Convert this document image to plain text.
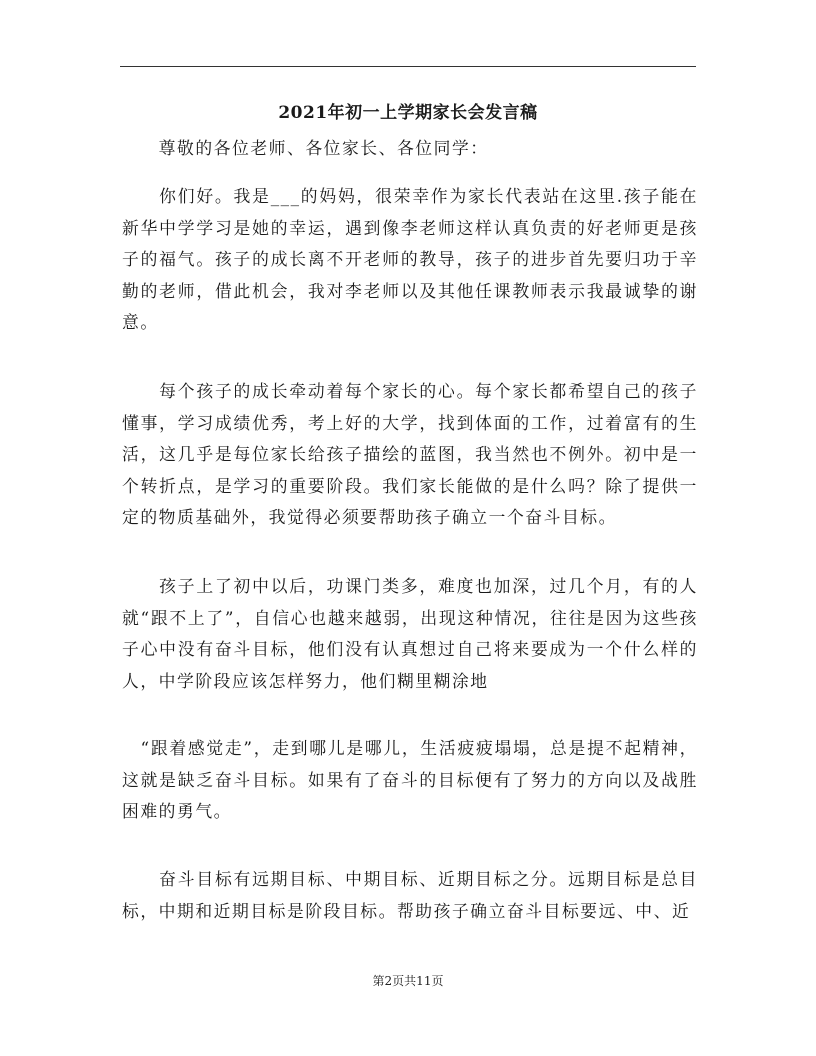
2021年初一上学期家长会发言稿

　　尊敬的各位老师、各位家长、各位同学：

　　你们好。我是___的妈妈，很荣幸作为家长代表站在这里.孩子能在新华中学学习是她的幸运，遇到像李老师这样认真负责的好老师更是孩子的福气。孩子的成长离不开老师的教导，孩子的进步首先要归功于辛勤的老师，借此机会，我对李老师以及其他任课教师表示我最诚挚的谢意。

　　每个孩子的成长牵动着每个家长的心。每个家长都希望自己的孩子懂事，学习成绩优秀，考上好的大学，找到体面的工作，过着富有的生活，这几乎是每位家长给孩子描绘的蓝图，我当然也不例外。初中是一个转折点，是学习的重要阶段。我们家长能做的是什么吗？除了提供一定的物质基础外，我觉得必须要帮助孩子确立一个奋斗目标。

　　孩子上了初中以后，功课门类多，难度也加深，过几个月，有的人就“跟不上了”，自信心也越来越弱，出现这种情况，往往是因为这些孩子心中没有奋斗目标，他们没有认真想过自己将来要成为一个什么样的人，中学阶段应该怎样努力，他们糊里糊涂地

　“跟着感觉走”，走到哪儿是哪儿，生活疲疲塌塌，总是提不起精神，这就是缺乏奋斗目标。如果有了奋斗的目标便有了努力的方向以及战胜困难的勇气。

　　奋斗目标有远期目标、中期目标、近期目标之分。远期目标是总目标，中期和近期目标是阶段目标。帮助孩子确立奋斗目标要远、中、近

第2页共11页
